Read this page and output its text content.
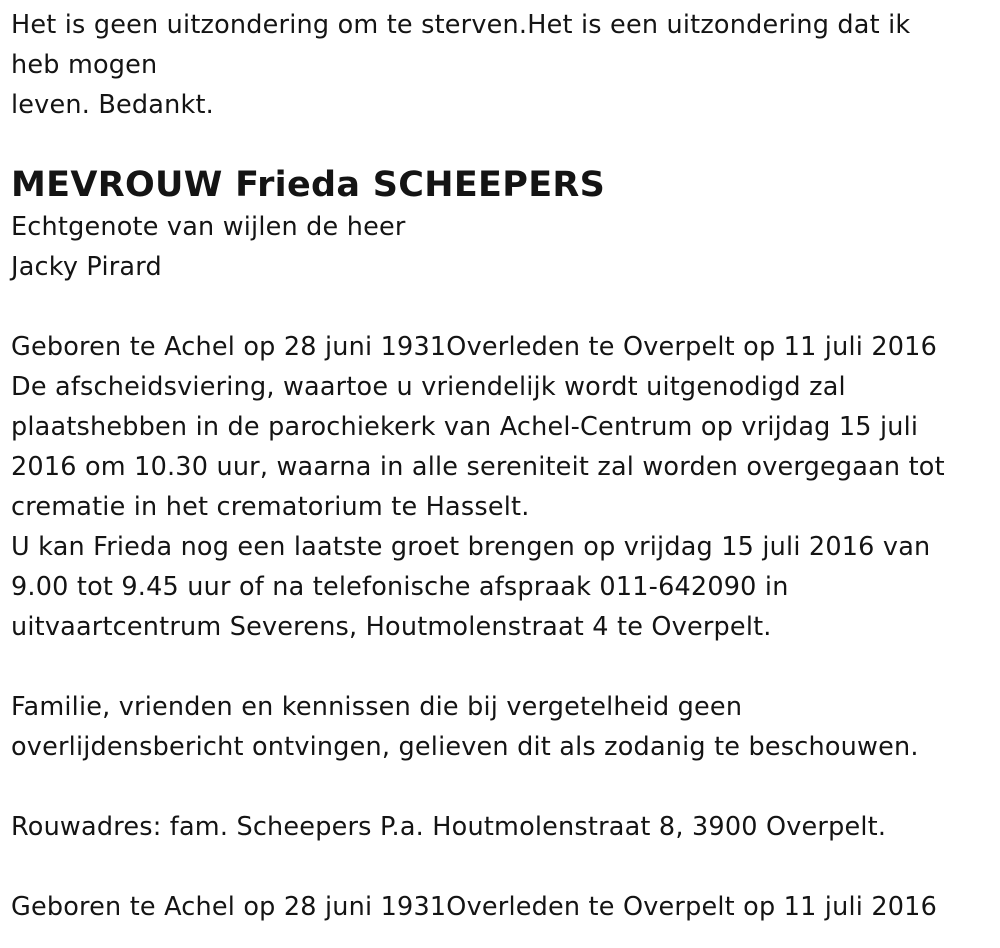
Het is geen uitzondering om te sterven.Het is een uitzondering dat ik
heb mogen
leven. Bedankt.
MEVROUW Frieda SCHEEPERS
Echtgenote van wijlen de heer
Jacky Pirard
Geboren te Achel op 28 juni 1931Overleden te Overpelt op 11 juli 2016
De afscheidsviering, waartoe u vriendelijk wordt uitgenodigd zal
plaatshebben in de parochiekerk van Achel-Centrum op vrijdag 15 juli
2016 om 10.30 uur, waarna in alle sereniteit zal worden overgegaan tot
crematie in het crematorium te Hasselt.
U kan Frieda nog een laatste groet brengen op vrijdag 15 juli 2016 van
9.00 tot 9.45 uur of na telefonische afspraak 011-642090 in
uitvaartcentrum Severens, Houtmolenstraat 4 te Overpelt.
Familie, vrienden en kennissen die bij vergetelheid geen
overlijdensbericht ontvingen, gelieven dit als zodanig te beschouwen.
Rouwadres: fam. Scheepers P.a. Houtmolenstraat 8, 3900 Overpelt.
Geboren te Achel op 28 juni 1931Overleden te Overpelt op 11 juli 2016
